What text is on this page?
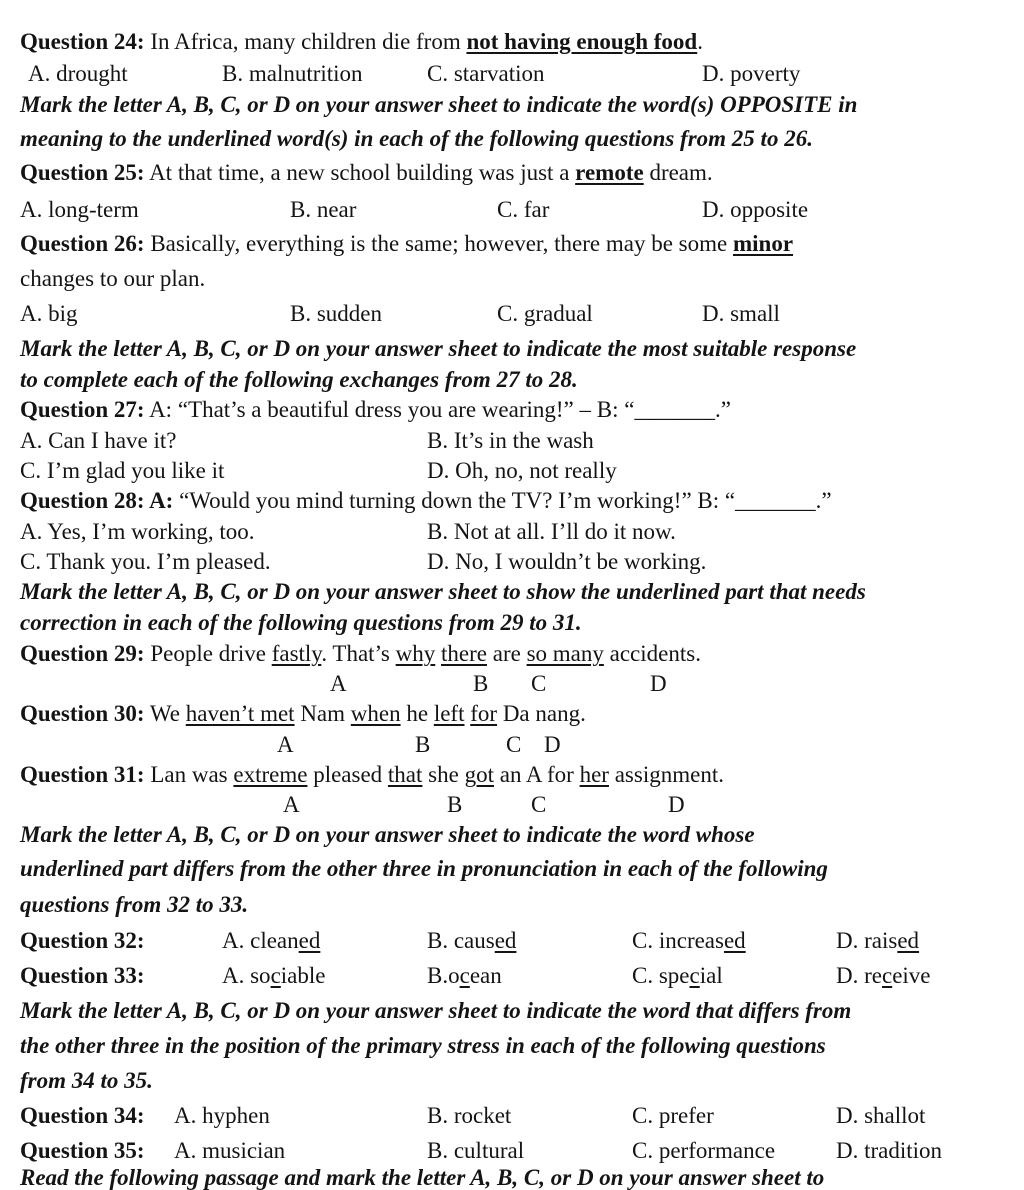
Question 24: In Africa, many children die from not having enough food.
A. drought	B. malnutrition	C. starvation	D. poverty
Mark the letter A, B, C, or D on your answer sheet to indicate the word(s) OPPOSITE in
meaning to the underlined word(s) in each of the following questions from 25 to 26.
Question 25: At that time, a new school building was just a remote dream.
A. long-term	B. near	C. far	D. opposite
Question 26: Basically, everything is the same; however, there may be some minor
changes to our plan.
A. big	B. sudden	C. gradual	D. small
Mark the letter A, B, C, or D on your answer sheet to indicate the most suitable response
to complete each of the following exchanges from 27 to 28.
Question 27: A: “That’s a beautiful dress you are wearing!” – B: “_______.”
A. Can I have it?	B. It’s in the wash
C. I’m glad you like it	D. Oh, no, not really
Question 28: A: “Would you mind turning down the TV? I’m working!” B: “_______.”
A. Yes, I’m working, too.	B. Not at all. I’ll do it now.
C. Thank you. I’m pleased.	D. No, I wouldn’t be working.
Mark the letter A, B, C, or D on your answer sheet to show the underlined part that needs
correction in each of the following questions from 29 to 31.
Question 29: People drive fastly. That’s why there are so many accidents.
A	B C	D
Question 30: We haven’t met Nam when he left for Da nang.
A	B	C D
Question 31: Lan was extreme pleased that she got an A for her assignment.
A	B	C	D
Mark the letter A, B, C, or D on your answer sheet to indicate the word whose
underlined part differs from the other three in pronunciation in each of the following
questions from 32 to 33.
Question 32:	A. cleaned	B. caused	C. increased	D. raised
Question 33:	A. sociable	B.ocean	C. special	D. receive
Mark the letter A, B, C, or D on your answer sheet to indicate the word that differs from
the other three in the position of the primary stress in each of the following questions
from 34 to 35.
Question 34: A. hyphen	B. rocket	C. prefer	D. shallot
Question 35: A. musician	B. cultural	C. performance	D. tradition
Read the following passage and mark the letter A, B, C, or D on your answer sheet to
